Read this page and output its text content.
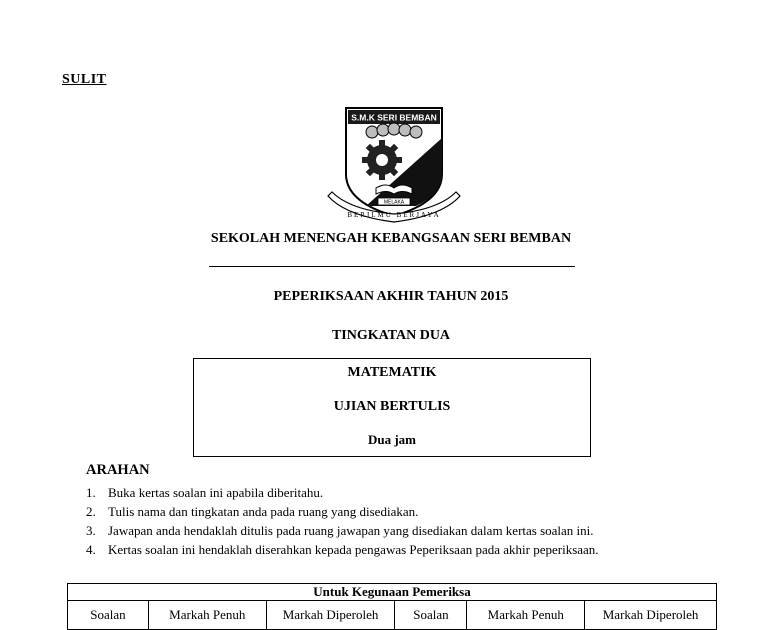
SULIT
S.M.K SERI BEMBAN
MELAKA
BERILMU BERJAYA
SEKOLAH MENENGAH KEBANGSAAN SERI BEMBAN
PEPERIKSAAN AKHIR TAHUN 2015
TINGKATAN DUA
MATEMATIK
UJIAN BERTULIS
Dua jam
ARAHAN
1. Buka kertas soalan ini apabila diberitahu.
2. Tulis nama dan tingkatan anda pada ruang yang disediakan.
3. Jawapan anda hendaklah ditulis pada ruang jawapan yang disediakan dalam kertas soalan ini.
4. Kertas soalan ini hendaklah diserahkan kepada pengawas Peperiksaan pada akhir peperiksaan.
Untuk Kegunaan Pemeriksa
Soalan	Markah Penuh	Markah Diperoleh	Soalan	Markah Penuh	Markah Diperoleh
